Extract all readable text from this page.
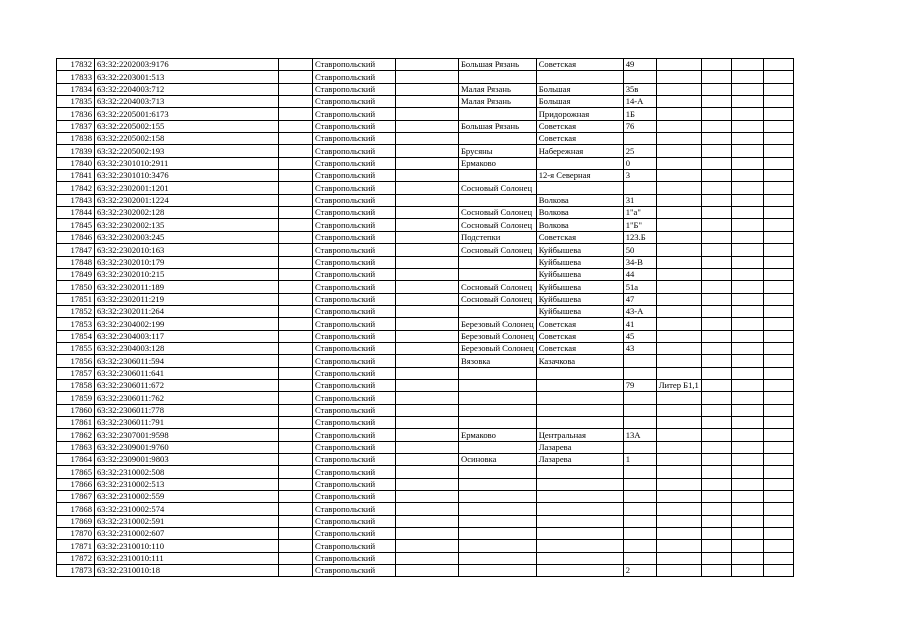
17832	63:32:2202003:9176		Ставропольский		Большая Рязань	Советская	49				
17833	63:32:2203001:513		Ставропольский								
17834	63:32:2204003:712		Ставропольский		Малая Рязань	Большая	35в				
17835	63:32:2204003:713		Ставропольский		Малая Рязань	Большая	14-А				
17836	63:32:2205001:6173		Ставропольский			Придорожная	1Б				
17837	63:32:2205002:155		Ставропольский		Большая Рязань	Советская	76				
17838	63:32:2205002:158		Ставропольский			Советская					
17839	63:32:2205002:193		Ставропольский		Брусяны	Набережная	25				
17840	63:32:2301010:2911		Ставропольский		Ермаково		0				
17841	63:32:2301010:3476		Ставропольский			12-я Северная	3				
17842	63:32:2302001:1201		Ставропольский		Сосновый Солонец						
17843	63:32:2302001:1224		Ставропольский			Волкова	31				
17844	63:32:2302002:128		Ставропольский		Сосновый Солонец	Волкова	1"а"				
17845	63:32:2302002:135		Ставропольский		Сосновый Солонец	Волкова	1"Б"				
17846	63:32:2302003:245		Ставропольский		Подстепки	Советская	123.Б				
17847	63:32:2302010:163		Ставропольский		Сосновый Солонец	Куйбышева	50				
17848	63:32:2302010:179		Ставропольский			Куйбышева	34-В				
17849	63:32:2302010:215		Ставропольский			Куйбышева	44				
17850	63:32:2302011:189		Ставропольский		Сосновый Солонец	Куйбышева	51а				
17851	63:32:2302011:219		Ставропольский		Сосновый Солонец	Куйбышева	47				
17852	63:32:2302011:264		Ставропольский			Куйбышева	43-А				
17853	63:32:2304002:199		Ставропольский		Березовый Солонец	Советская	41				
17854	63:32:2304003:117		Ставропольский		Березовый Солонец	Советская	45				
17855	63:32:2304003:128		Ставропольский		Березовый Солонец	Советская	43				
17856	63:32:2306011:594		Ставропольский		Вязовка	Казачкова					
17857	63:32:2306011:641		Ставропольский								
17858	63:32:2306011:672		Ставропольский				79	Литер Б1,1			
17859	63:32:2306011:762		Ставропольский								
17860	63:32:2306011:778		Ставропольский								
17861	63:32:2306011:791		Ставропольский								
17862	63:32:2307001:9598		Ставропольский		Ермаково	Центральная	13А				
17863	63:32:2309001:9760		Ставропольский			Лазарева					
17864	63:32:2309001:9803		Ставропольский		Осиновка	Лазарева	1				
17865	63:32:2310002:508		Ставропольский								
17866	63:32:2310002:513		Ставропольский								
17867	63:32:2310002:559		Ставропольский								
17868	63:32:2310002:574		Ставропольский								
17869	63:32:2310002:591		Ставропольский								
17870	63:32:2310002:607		Ставропольский								
17871	63:32:2310010:110		Ставропольский								
17872	63:32:2310010:111		Ставропольский								
17873	63:32:2310010:18		Ставропольский				2				
